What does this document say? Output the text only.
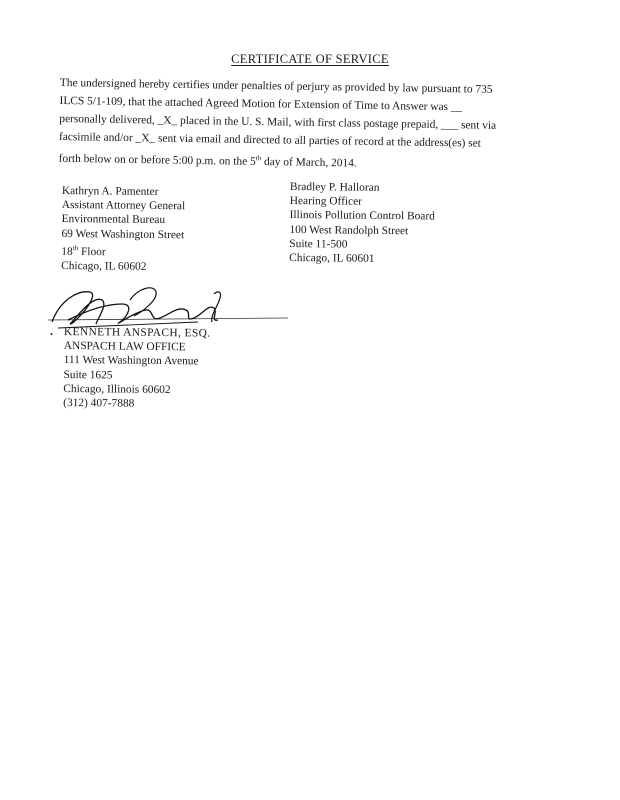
CERTIFICATE OF SERVICE
The undersigned hereby certifies under penalties of perjury as provided by law pursuant to 735
ILCS 5/1-109, that the attached Agreed Motion for Extension of Time to Answer was __
personally delivered, _X_ placed in the U. S. Mail, with first class postage prepaid, ___ sent via
facsimile and/or _X_ sent via email and directed to all parties of record at the address(es) set
forth below on or before 5:00 p.m. on the 5th day of March, 2014.
Kathryn A. Pamenter
Assistant Attorney General
Environmental Bureau
69 West Washington Street
18th Floor
Chicago, IL 60602
Bradley P. Halloran
Hearing Officer
Illinois Pollution Control Board
100 West Randolph Street
Suite 11-500
Chicago, IL 60601
• KENNETH ANSPACH, ESQ.
ANSPACH LAW OFFICE
111 West Washington Avenue
Suite 1625
Chicago, Illinois 60602
(312) 407-7888
